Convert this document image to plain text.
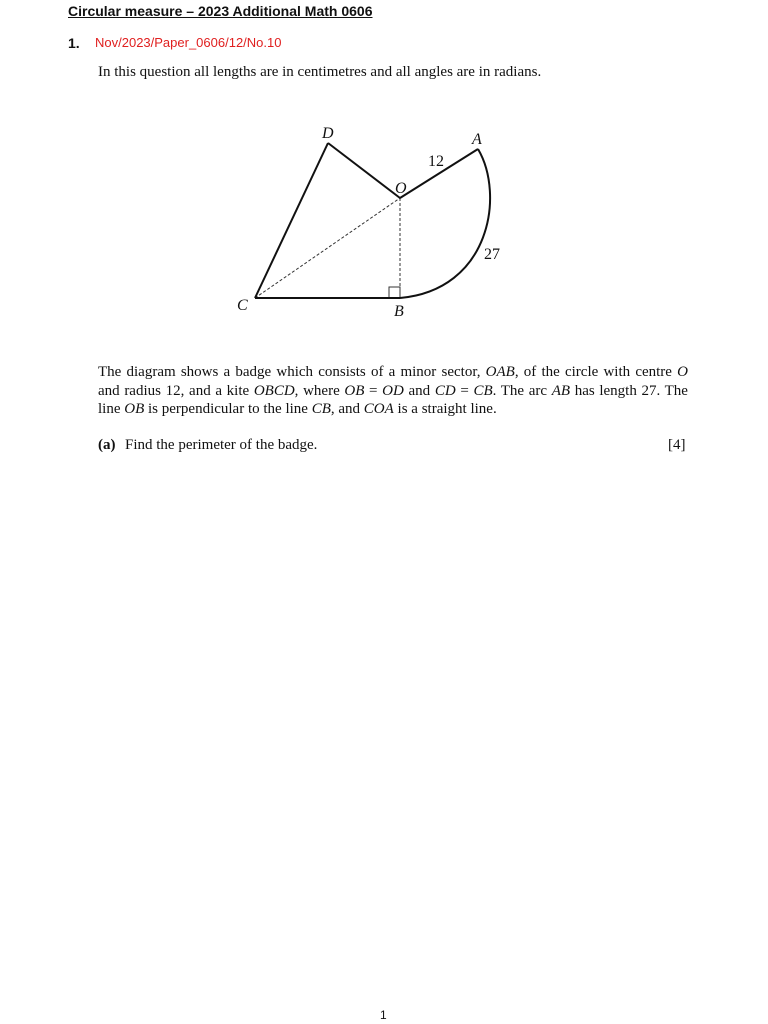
Circular measure – 2023 Additional Math 0606
1. Nov/2023/Paper_0606/12/No.10
In this question all lengths are in centimetres and all angles are in radians.
D	A
O
C	B
12
27
The diagram shows a badge which consists of a minor sector, OAB, of the circle with centre O and radius 12, and a kite OBCD, where OB = OD and CD = CB. The arc AB has length 27. The line OB is perpendicular to the line CB, and COA is a straight line.
(a) Find the perimeter of the badge.	[4]
1
